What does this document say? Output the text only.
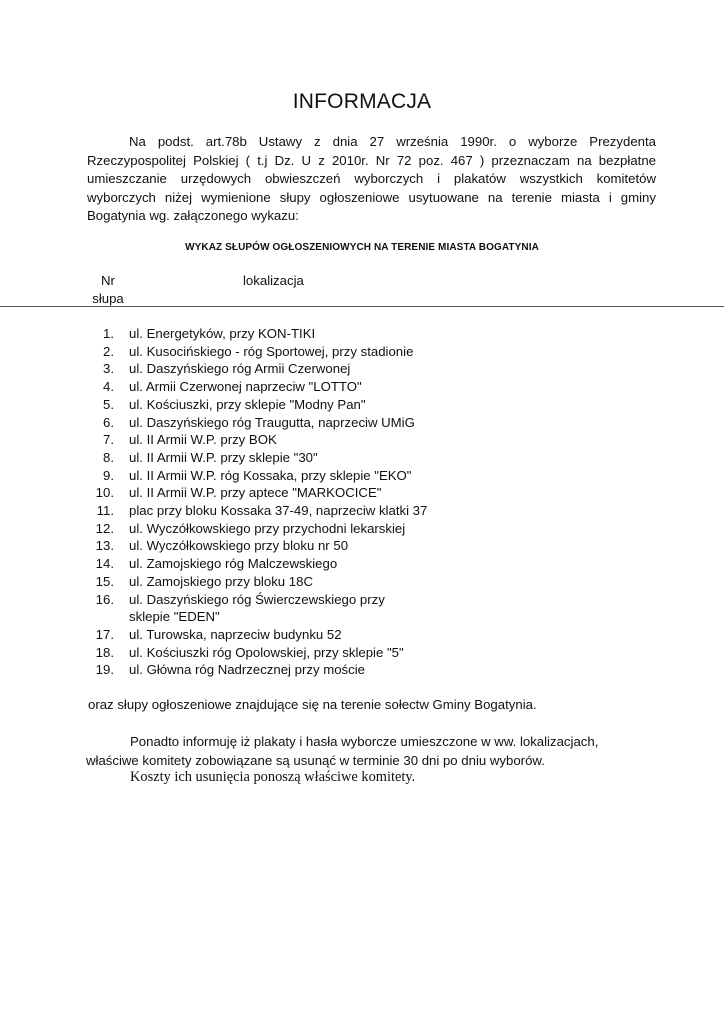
INFORMACJA
Na podst. art.78b Ustawy z dnia 27 września 1990r. o wyborze Prezydenta Rzeczypospolitej Polskiej ( t.j Dz. U z 2010r. Nr 72 poz. 467 ) przeznaczam na bezpłatne umieszczanie urzędowych obwieszczeń wyborczych i plakatów wszystkich komitetów wyborczych niżej wymienione słupy ogłoszeniowe usytuowane na terenie miasta i gminy Bogatynia wg. załączonego wykazu:
WYKAZ SŁUPÓW OGŁOSZENIOWYCH NA TERENIE MIASTA BOGATYNIA
Nr
słupa
lokalizacja
1. ul. Energetyków, przy KON-TIKI
2. ul. Kusocińskiego - róg Sportowej, przy stadionie
3. ul. Daszyńskiego róg Armii Czerwonej
4. ul. Armii Czerwonej naprzeciw "LOTTO"
5. ul. Kościuszki, przy sklepie "Modny Pan"
6. ul. Daszyńskiego róg Traugutta, naprzeciw UMiG
7. ul. II Armii W.P. przy BOK
8. ul. II Armii W.P. przy sklepie "30"
9. ul. II Armii W.P. róg Kossaka, przy sklepie "EKO"
10. ul. II Armii W.P. przy aptece "MARKOCICE"
11. plac przy bloku Kossaka 37-49, naprzeciw klatki 37
12. ul. Wyczółkowskiego przy przychodni lekarskiej
13. ul. Wyczółkowskiego przy bloku nr 50
14. ul. Zamojskiego róg Malczewskiego
15. ul. Zamojskiego przy bloku 18C
16. ul. Daszyńskiego róg Świerczewskiego przy
sklepie "EDEN"
17. ul. Turowska, naprzeciw budynku 52
18. ul. Kościuszki róg Opolowskiej, przy sklepie "5"
19. ul. Główna róg Nadrzecznej przy moście
oraz słupy ogłoszeniowe znajdujące się na terenie sołectw Gminy Bogatynia.
Ponadto informuję iż plakaty i hasła wyborcze umieszczone w ww. lokalizacjach,
właściwe komitety zobowiązane są usunąć w terminie 30 dni po dniu wyborów.
Koszty ich usunięcia ponoszą właściwe komitety.
